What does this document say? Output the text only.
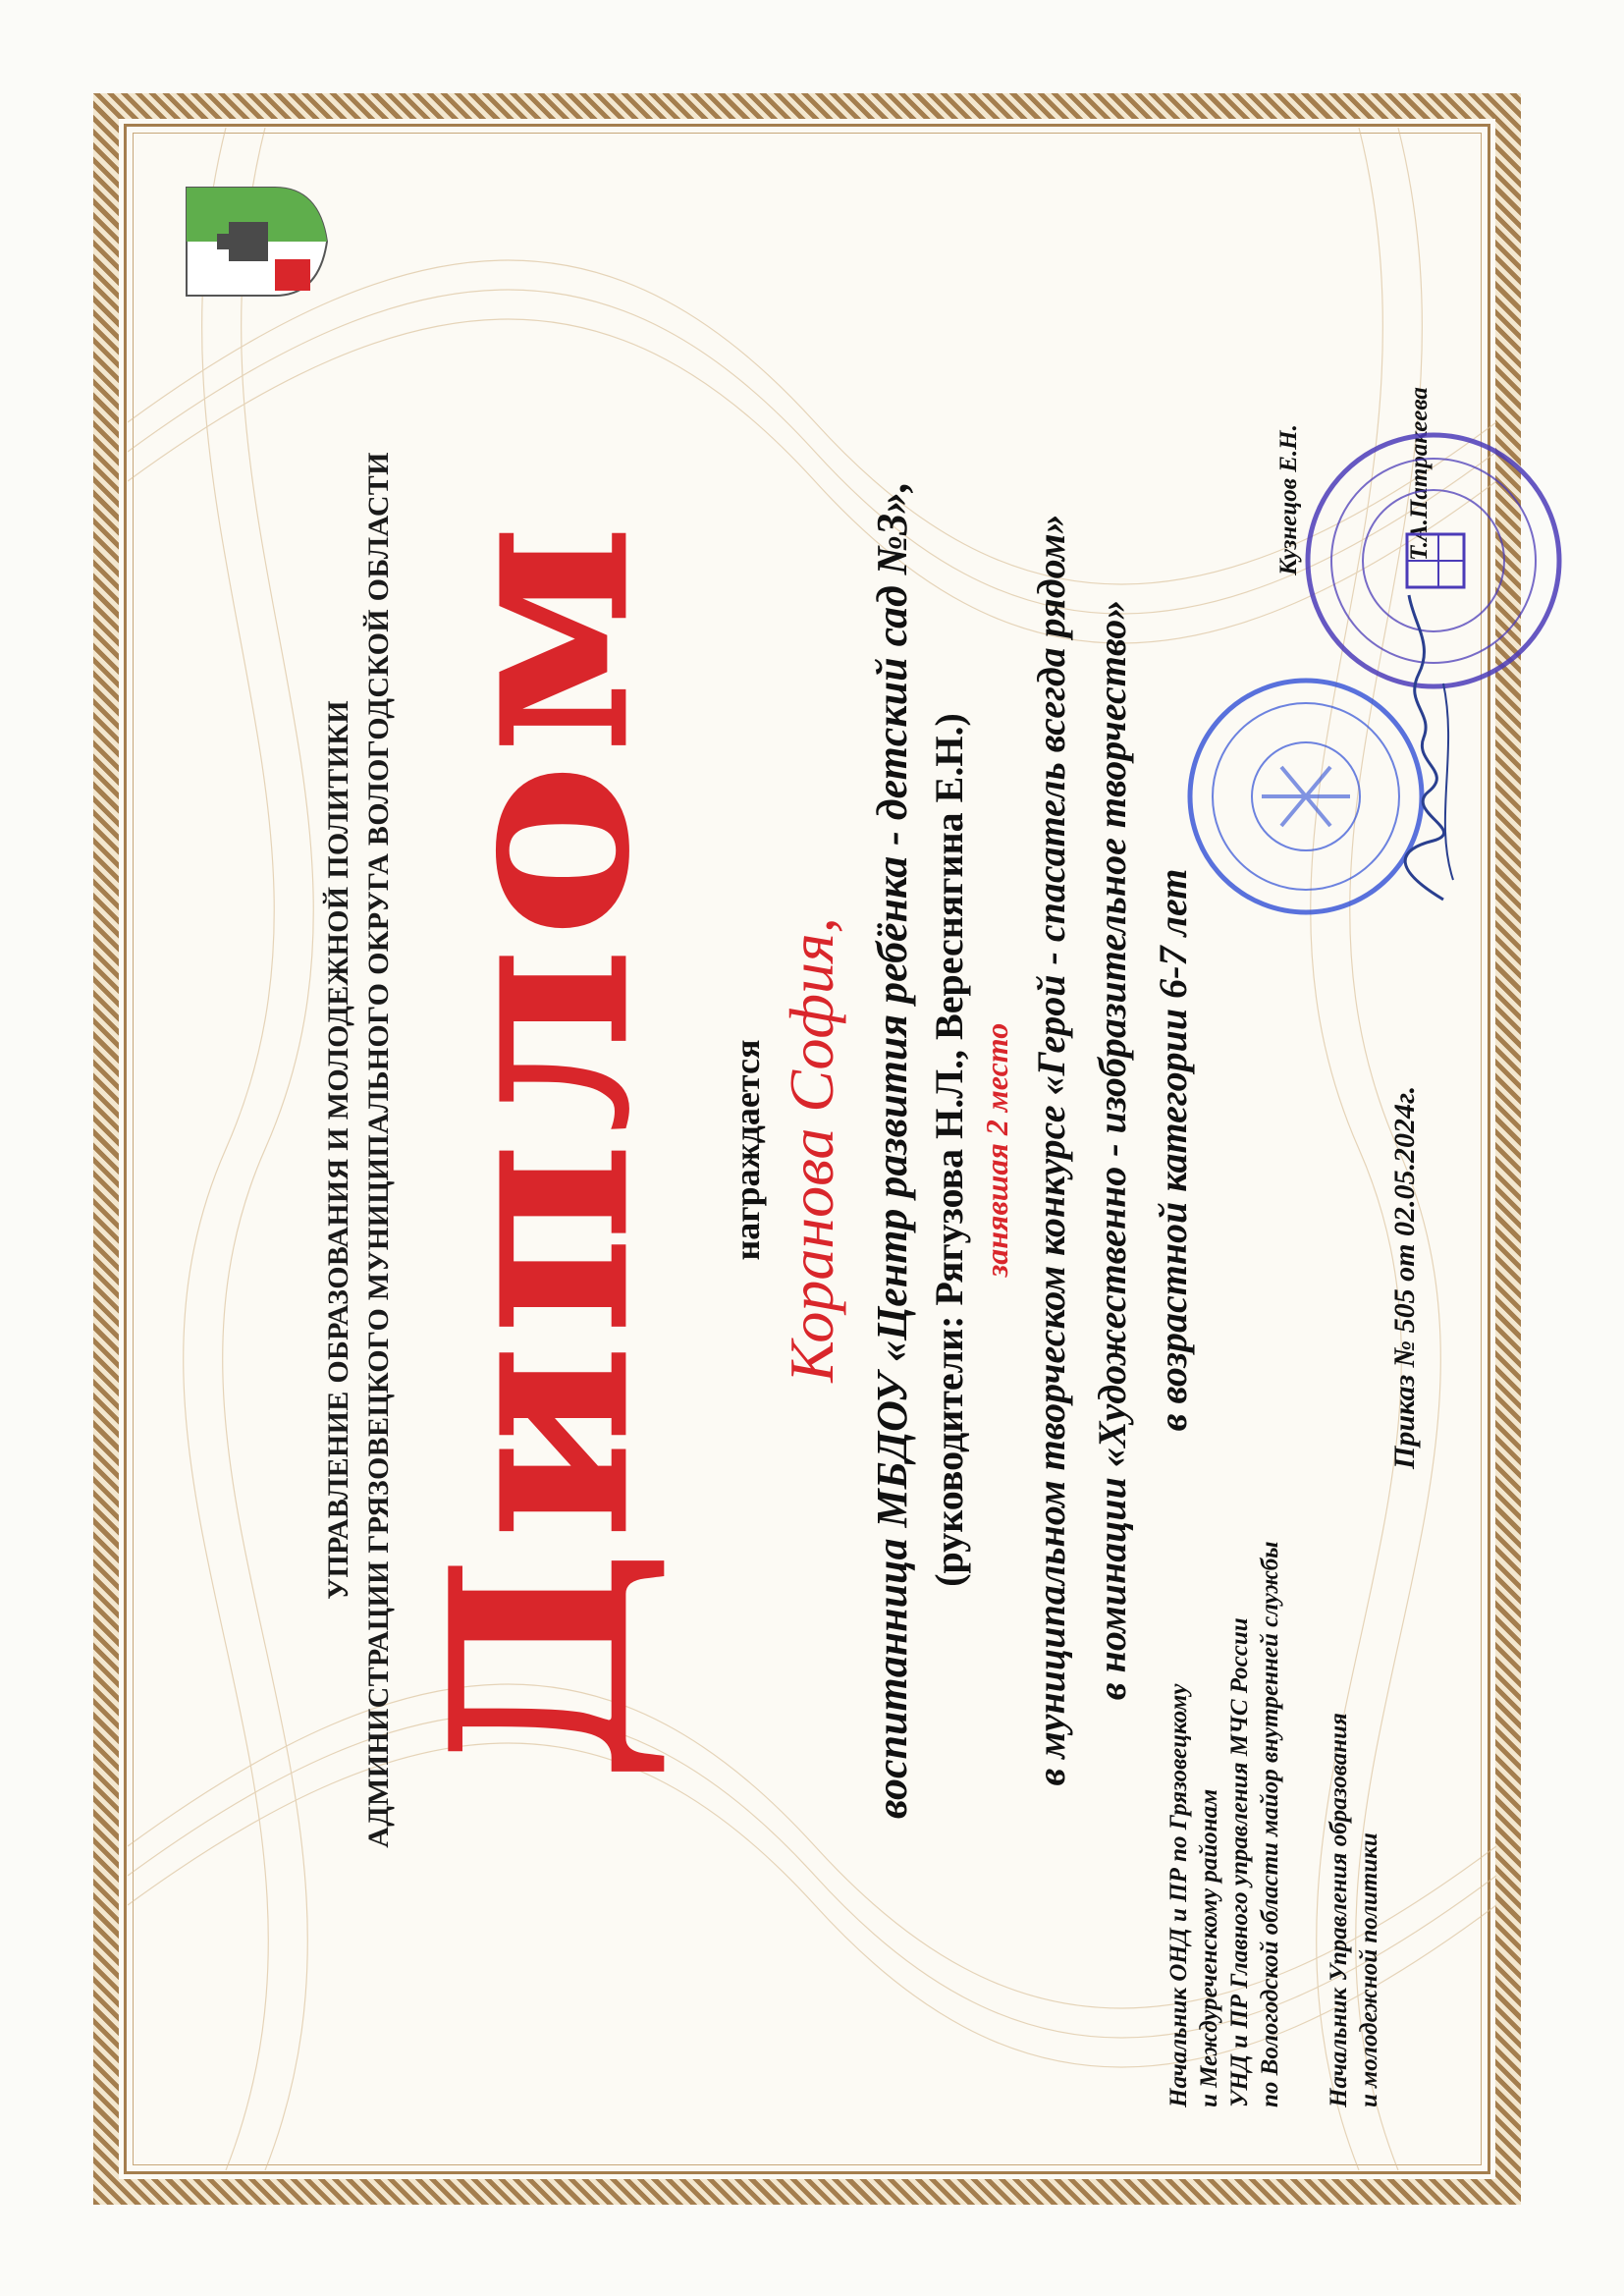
УПРАВЛЕНИЕ ОБРАЗОВАНИЯ И МОЛОДЕЖНОЙ ПОЛИТИКИ АДМИНИСТРАЦИИ ГРЯЗОВЕЦКОГО МУНИЦИПАЛЬНОГО ОКРУГА ВОЛОГОДСКОЙ ОБЛАСТИ Диплом награждается Коранова София, воспитанница МБДОУ «Центр развития ребёнка - детский сад №3», (руководители: Рягузова Н.Л., Вереснягина Е.Н.) занявшая 2 место в муниципальном творческом конкурсе «Герой - спасатель всегда рядом» в номинации «Художественно - изобразительное творчество» в возрастной категории 6-7 лет
Начальник ОНД и ПР по Грязовецкому и Междуреченскому районам УНД и ПР Главного управления МЧС России по Вологодской области майор внутренней службы Начальник Управления образования и молодежной политики
Кузнецов Е.Н.	Т.А.Патракеева
Приказ № 505 от 02.05.2024г.
